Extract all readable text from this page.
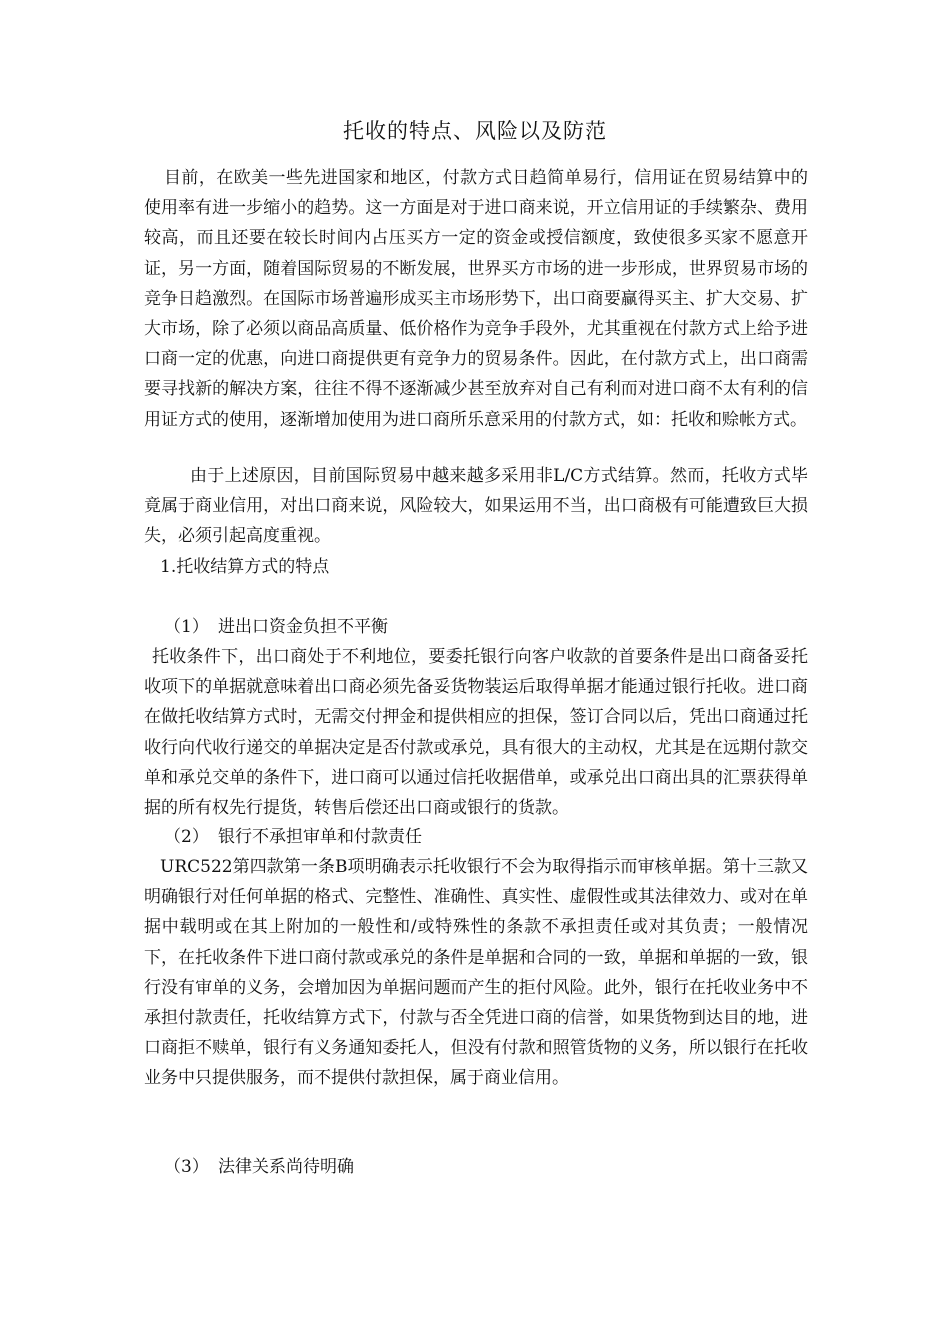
托收的特点、风险以及防范

目前，在欧美一些先进国家和地区，付款方式日趋简单易行，信用证在贸易结算中的使用率有进一步缩小的趋势。这一方面是对于进口商来说，开立信用证的手续繁杂、费用较高，而且还要在较长时间内占压买方一定的资金或授信额度，致使很多买家不愿意开证，另一方面，随着国际贸易的不断发展，世界买方市场的进一步形成，世界贸易市场的竞争日趋激烈。在国际市场普遍形成买主市场形势下，出口商要赢得买主、扩大交易、扩大市场，除了必须以商品高质量、低价格作为竞争手段外，尤其重视在付款方式上给予进口商一定的优惠，向进口商提供更有竞争力的贸易条件。因此，在付款方式上，出口商需要寻找新的解决方案，往往不得不逐渐减少甚至放弃对自己有利而对进口商不太有利的信用证方式的使用，逐渐增加使用为进口商所乐意采用的付款方式，如：托收和赊帐方式。

由于上述原因，目前国际贸易中越来越多采用非L/C方式结算。然而，托收方式毕竟属于商业信用，对出口商来说，风险较大，如果运用不当，出口商极有可能遭致巨大损失，必须引起高度重视。

1.托收结算方式的特点

（1） 进出口资金负担不平衡

托收条件下，出口商处于不利地位，要委托银行向客户收款的首要条件是出口商备妥托收项下的单据就意味着出口商必须先备妥货物装运后取得单据才能通过银行托收。进口商在做托收结算方式时，无需交付押金和提供相应的担保，签订合同以后，凭出口商通过托收行向代收行递交的单据决定是否付款或承兑，具有很大的主动权，尤其是在远期付款交单和承兑交单的条件下，进口商可以通过信托收据借单，或承兑出口商出具的汇票获得单据的所有权先行提货，转售后偿还出口商或银行的货款。

（2） 银行不承担审单和付款责任

URC522第四款第一条B项明确表示托收银行不会为取得指示而审核单据。第十三款又明确银行对任何单据的格式、完整性、准确性、真实性、虚假性或其法律效力、或对在单据中载明或在其上附加的一般性和/或特殊性的条款不承担责任或对其负责；一般情况下，在托收条件下进口商付款或承兑的条件是单据和合同的一致，单据和单据的一致，银行没有审单的义务，会增加因为单据问题而产生的拒付风险。此外，银行在托收业务中不承担付款责任，托收结算方式下，付款与否全凭进口商的信誉，如果货物到达目的地，进口商拒不赎单，银行有义务通知委托人，但没有付款和照管货物的义务，所以银行在托收业务中只提供服务，而不提供付款担保，属于商业信用。

（3） 法律关系尚待明确
